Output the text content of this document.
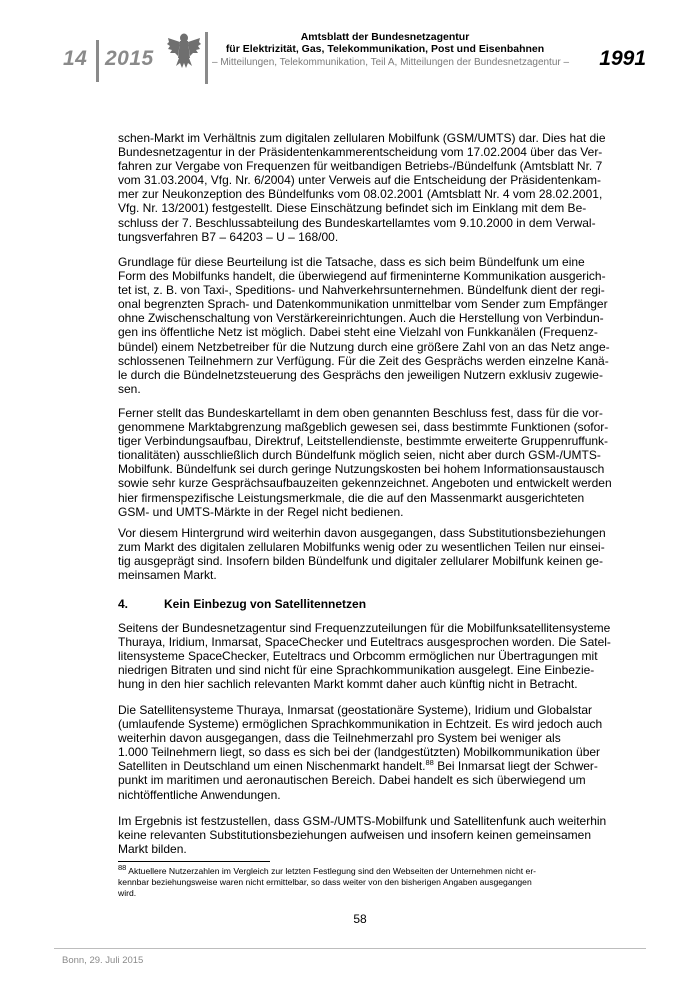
14 2015
Amtsblatt der Bundesnetzagentur
für Elektrizität, Gas, Telekommunikation, Post und Eisenbahnen
– Mitteilungen, Telekommunikation, Teil A, Mitteilungen der Bundesnetzagentur – 1991
schen-Markt im Verhältnis zum digitalen zellularen Mobilfunk (GSM/UMTS) dar. Dies hat die
Bundesnetzagentur in der Präsidentenkammerentscheidung vom 17.02.2004 über das Ver-
fahren zur Vergabe von Frequenzen für weitbandigen Betriebs-/Bündelfunk (Amtsblatt Nr. 7
vom 31.03.2004, Vfg. Nr. 6/2004) unter Verweis auf die Entscheidung der Präsidentenkam-
mer zur Neukonzeption des Bündelfunks vom 08.02.2001 (Amtsblatt Nr. 4 vom 28.02.2001,
Vfg. Nr. 13/2001) festgestellt. Diese Einschätzung befindet sich im Einklang mit dem Be-
schluss der 7. Beschlussabteilung des Bundeskartellamtes vom 9.10.2000 in dem Verwal-
tungsverfahren B7 – 64203 – U – 168/00.
Grundlage für diese Beurteilung ist die Tatsache, dass es sich beim Bündelfunk um eine
Form des Mobilfunks handelt, die überwiegend auf firmeninterne Kommunikation ausgerich-
tet ist, z. B. von Taxi-, Speditions- und Nahverkehrsunternehmen. Bündelfunk dient der regi-
onal begrenzten Sprach- und Datenkommunikation unmittelbar vom Sender zum Empfänger
ohne Zwischenschaltung von Verstärkereinrichtungen. Auch die Herstellung von Verbindun-
gen ins öffentliche Netz ist möglich. Dabei steht eine Vielzahl von Funkkanälen (Frequenz-
bündel) einem Netzbetreiber für die Nutzung durch eine größere Zahl von an das Netz ange-
schlossenen Teilnehmern zur Verfügung. Für die Zeit des Gesprächs werden einzelne Kanä-
le durch die Bündelnetzsteuerung des Gesprächs den jeweiligen Nutzern exklusiv zugewie-
sen.
Ferner stellt das Bundeskartellamt in dem oben genannten Beschluss fest, dass für die vor-
genommene Marktabgrenzung maßgeblich gewesen sei, dass bestimmte Funktionen (sofor-
tiger Verbindungsaufbau, Direktruf, Leitstellendienste, bestimmte erweiterte Gruppenruffunk-
tionalitäten) ausschließlich durch Bündelfunk möglich seien, nicht aber durch GSM-/UMTS-
Mobilfunk. Bündelfunk sei durch geringe Nutzungskosten bei hohem Informationsaustausch
sowie sehr kurze Gesprächsaufbauzeiten gekennzeichnet. Angeboten und entwickelt werden
hier firmenspezifische Leistungsmerkmale, die die auf den Massenmarkt ausgerichteten
GSM- und UMTS-Märkte in der Regel nicht bedienen.
Vor diesem Hintergrund wird weiterhin davon ausgegangen, dass Substitutionsbeziehungen
zum Markt des digitalen zellularen Mobilfunks wenig oder zu wesentlichen Teilen nur einsei-
tig ausgeprägt sind. Insofern bilden Bündelfunk und digitaler zellularer Mobilfunk keinen ge-
meinsamen Markt.
4.	Kein Einbezug von Satellitennetzen
Seitens der Bundesnetzagentur sind Frequenzzuteilungen für die Mobilfunksatellitensysteme
Thuraya, Iridium, Inmarsat, SpaceChecker und Euteltracs ausgesprochen worden. Die Satel-
litensysteme SpaceChecker, Euteltracs und Orbcomm ermöglichen nur Übertragungen mit
niedrigen Bitraten und sind nicht für eine Sprachkommunikation ausgelegt. Eine Einbezie-
hung in den hier sachlich relevanten Markt kommt daher auch künftig nicht in Betracht.
Die Satellitensysteme Thuraya, Inmarsat (geostationäre Systeme), Iridium und Globalstar
(umlaufende Systeme) ermöglichen Sprachkommunikation in Echtzeit. Es wird jedoch auch
weiterhin davon ausgegangen, dass die Teilnehmerzahl pro System bei weniger als
1.000 Teilnehmern liegt, so dass es sich bei der (landgestützten) Mobilkommunikation über
Satelliten in Deutschland um einen Nischenmarkt handelt.$^{88}$ Bei Inmarsat liegt der Schwer-
punkt im maritimen und aeronautischen Bereich. Dabei handelt es sich überwiegend um
nichtöffentliche Anwendungen.
Im Ergebnis ist festzustellen, dass GSM-/UMTS-Mobilfunk und Satellitenfunk auch weiterhin
keine relevanten Substitutionsbeziehungen aufweisen und insofern keinen gemeinsamen
Markt bilden.
88 Aktuellere Nutzerzahlen im Vergleich zur letzten Festlegung sind den Webseiten der Unternehmen nicht er-
kennbar beziehungsweise waren nicht ermittelbar, so dass weiter von den bisherigen Angaben ausgegangen
wird.
58
Bonn, 29. Juli 2015
